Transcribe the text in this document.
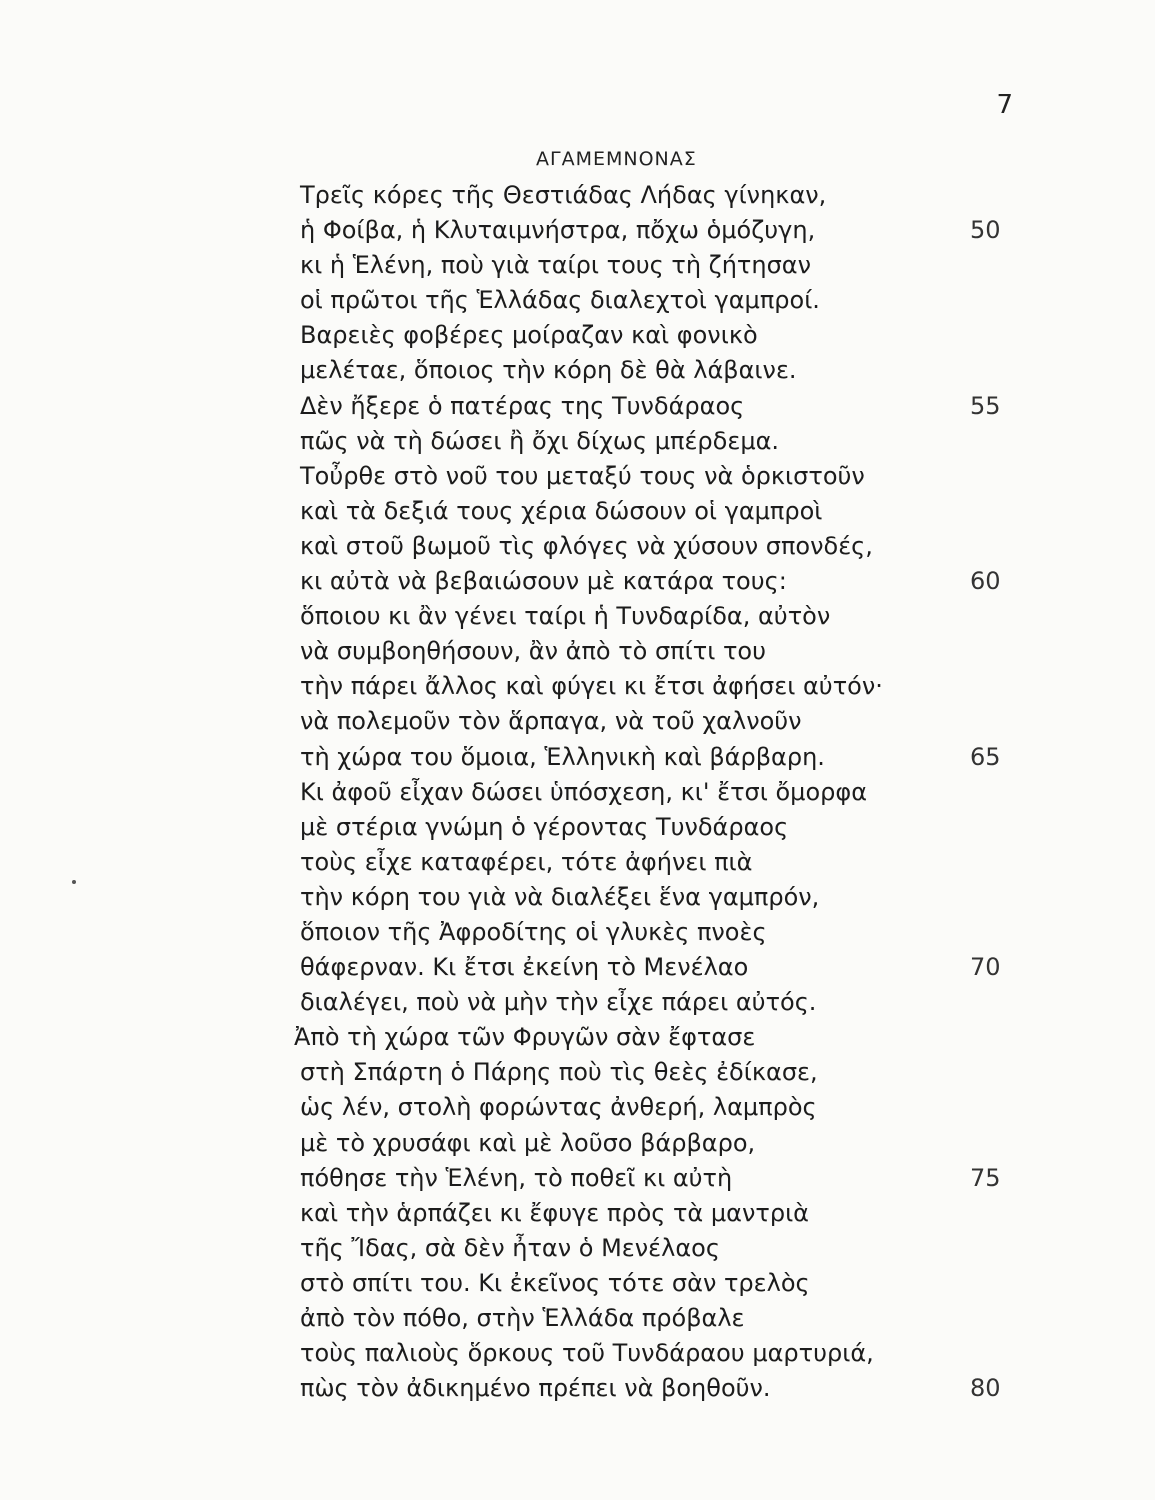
7
ΑΓΑΜΕΜΝΟΝΑΣ
Τρεῖς κόρες τῆς Θεστιάδας Λήδας γίνηκαν,
ἡ Φοίβα, ἡ Κλυταιμνήστρα, πὄχω ὁμόζυγη,	50
κι ἡ Ἑλένη, ποὺ γιὰ ταίρι τους τὴ ζήτησαν
οἱ πρῶτοι τῆς Ἑλλάδας διαλεχτοὶ γαμπροί.
Βαρειὲς φοβέρες μοίραζαν καὶ φονικὸ
μελέταε, ὅποιος τὴν κόρη δὲ θὰ λάβαινε.
Δὲν ἤξερε ὁ πατέρας της Τυνδάραος	55
πῶς νὰ τὴ δώσει ἢ ὄχι δίχως μπέρδεμα.
Τοὖρθε στὸ νοῦ του μεταξύ τους νὰ ὁρκιστοῦν
καὶ τὰ δεξιά τους χέρια δώσουν οἱ γαμπροὶ
καὶ στοῦ βωμοῦ τὶς φλόγες νὰ χύσουν σπονδές,
κι αὐτὰ νὰ βεβαιώσουν μὲ κατάρα τους:	60
ὅποιου κι ἂν γένει ταίρι ἡ Τυνδαρίδα, αὐτὸν
νὰ συμβοηθήσουν, ἂν ἀπὸ τὸ σπίτι του
τὴν πάρει ἄλλος καὶ φύγει κι ἔτσι ἀφήσει αὐτόν·
νὰ πολεμοῦν τὸν ἅρπαγα, νὰ τοῦ χαλνοῦν
τὴ χώρα του ὅμοια, Ἑλληνικὴ καὶ βάρβαρη.	65
Κι ἀφοῦ εἶχαν δώσει ὑπόσχεση, κι' ἔτσι ὄμορφα
μὲ στέρια γνώμη ὁ γέροντας Τυνδάραος
τοὺς εἶχε καταφέρει, τότε ἀφήνει πιὰ
τὴν κόρη του γιὰ νὰ διαλέξει ἕνα γαμπρόν,
ὅποιον τῆς Ἀφροδίτης οἱ γλυκὲς πνοὲς
θάφερναν. Κι ἔτσι ἐκείνη τὸ Μενέλαο	70
διαλέγει, ποὺ νὰ μὴν τὴν εἶχε πάρει αὐτός.
Ἀπὸ τὴ χώρα τῶν Φρυγῶν σὰν ἔφτασε
στὴ Σπάρτη ὁ Πάρης ποὺ τὶς θεὲς ἐδίκασε,
ὡς λέν, στολὴ φορώντας ἀνθερή, λαμπρὸς
μὲ τὸ χρυσάφι καὶ μὲ λοῦσο βάρβαρο,
πόθησε τὴν Ἑλένη, τὸ ποθεῖ κι αὐτὴ	75
καὶ τὴν ἁρπάζει κι ἔφυγε πρὸς τὰ μαντριὰ
τῆς Ἴδας, σὰ δὲν ἦταν ὁ Μενέλαος
στὸ σπίτι του. Κι ἐκεῖνος τότε σὰν τρελὸς
ἀπὸ τὸν πόθο, στὴν Ἑλλάδα πρόβαλε
τοὺς παλιοὺς ὅρκους τοῦ Τυνδάραου μαρτυριά,
πὼς τὸν ἀδικημένο πρέπει νὰ βοηθοῦν.	80
